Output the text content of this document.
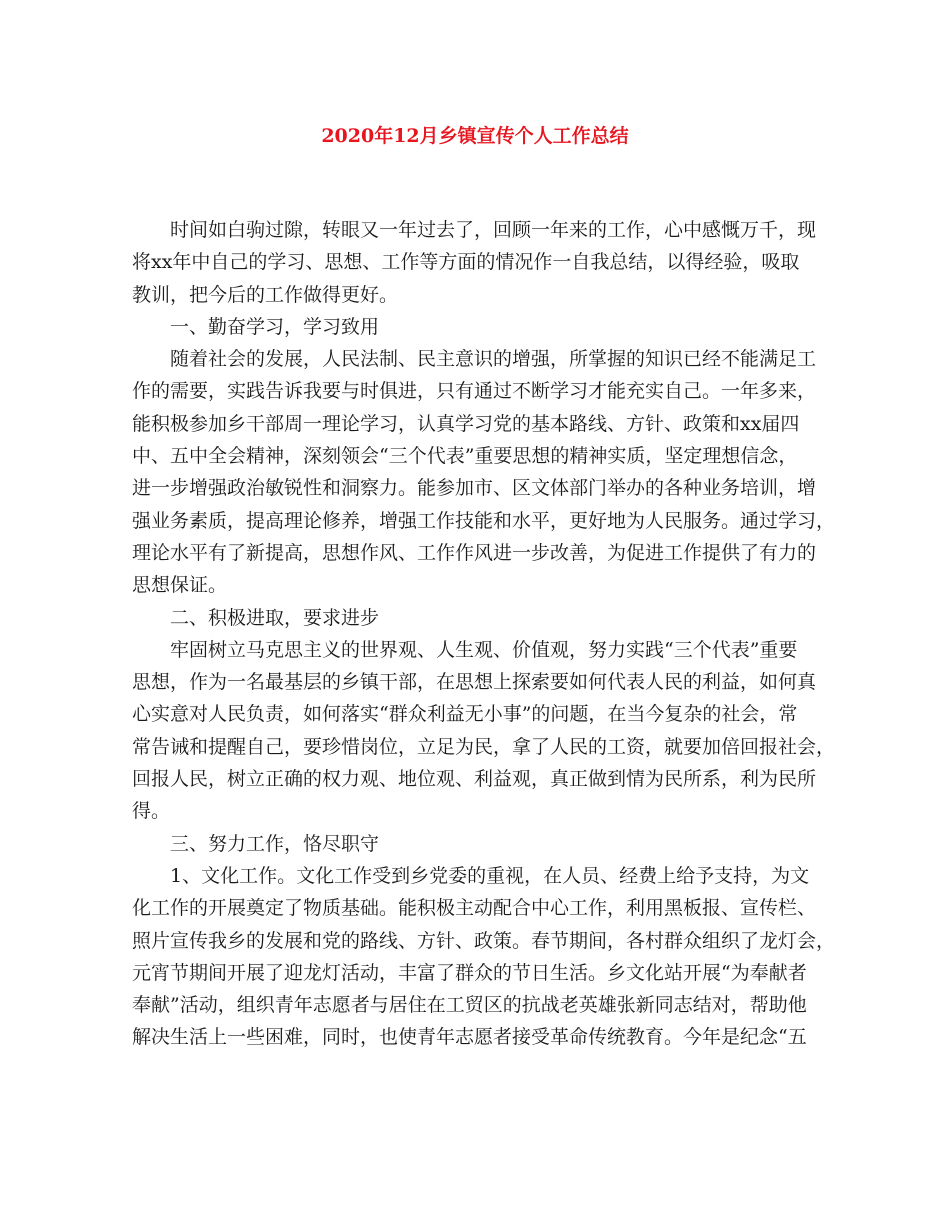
2020年12月乡镇宣传个人工作总结

时间如白驹过隙，转眼又一年过去了，回顾一年来的工作，心中感慨万千，现
将xx年中自己的学习、思想、工作等方面的情况作一自我总结，以得经验，吸取
教训，把今后的工作做得更好。

一、勤奋学习，学习致用

随着社会的发展，人民法制、民主意识的增强，所掌握的知识已经不能满足工
作的需要，实践告诉我要与时俱进，只有通过不断学习才能充实自己。一年多来，
能积极参加乡干部周一理论学习，认真学习党的基本路线、方针、政策和xx届四
中、五中全会精神，深刻领会“三个代表”重要思想的精神实质，坚定理想信念，
进一步增强政治敏锐性和洞察力。能参加市、区文体部门举办的各种业务培训，增
强业务素质，提高理论修养，增强工作技能和水平，更好地为人民服务。通过学习，
理论水平有了新提高，思想作风、工作作风进一步改善，为促进工作提供了有力的
思想保证。

二、积极进取，要求进步

牢固树立马克思主义的世界观、人生观、价值观，努力实践“三个代表”重要
思想，作为一名最基层的乡镇干部，在思想上探索要如何代表人民的利益，如何真
心实意对人民负责，如何落实“群众利益无小事”的问题，在当今复杂的社会，常
常告诫和提醒自己，要珍惜岗位，立足为民，拿了人民的工资，就要加倍回报社会，
回报人民，树立正确的权力观、地位观、利益观，真正做到情为民所系，利为民所
得。

三、努力工作，恪尽职守

1、文化工作。文化工作受到乡党委的重视，在人员、经费上给予支持，为文
化工作的开展奠定了物质基础。能积极主动配合中心工作，利用黑板报、宣传栏、
照片宣传我乡的发展和党的路线、方针、政策。春节期间，各村群众组织了龙灯会，
元宵节期间开展了迎龙灯活动，丰富了群众的节日生活。乡文化站开展“为奉献者
奉献”活动，组织青年志愿者与居住在工贸区的抗战老英雄张新同志结对，帮助他
解决生活上一些困难，同时，也使青年志愿者接受革命传统教育。今年是纪念“五
